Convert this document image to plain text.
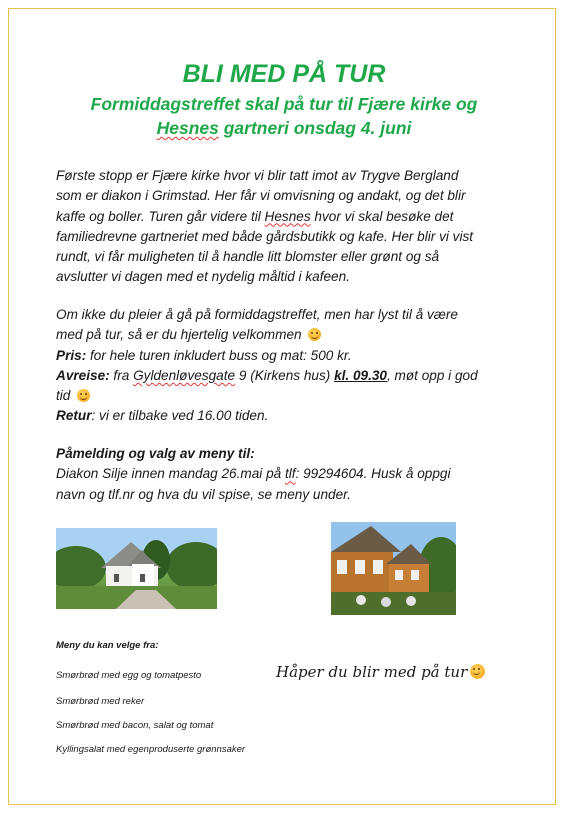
BLI MED PÅ TUR
Formiddagstreffet skal på tur til Fjære kirke og
Hesnes gartneri onsdag 4. juni
Første stopp er Fjære kirke hvor vi blir tatt imot av Trygve Bergland
som er diakon i Grimstad. Her får vi omvisning og andakt, og det blir
kaffe og boller. Turen går videre til Hesnes hvor vi skal besøke det
familiedrevne gartneriet med både gårdsbutikk og kafe. Her blir vi vist
rundt, vi får muligheten til å handle litt blomster eller grønt og så
avslutter vi dagen med et nydelig måltid i kafeen.
Om ikke du pleier å gå på formiddagstreffet, men har lyst til å være
med på tur, så er du hjertelig velkommen
Pris: for hele turen inkludert buss og mat: 500 kr.
Avreise: fra Gyldenløvesgate 9 (Kirkens hus) kl. 09.30, møt opp i god
tid
Retur: vi er tilbake ved 16.00 tiden.
Påmelding og valg av meny til:
Diakon Silje innen mandag 26.mai på tlf: 99294604. Husk å oppgi
navn og tlf.nr og hva du vil spise, se meny under.
Meny du kan velge fra:
Smørbrød med egg og tomatpesto
Smørbrød med reker
Smørbrød med bacon, salat og tomat
Kyllingsalat med egenproduserte grønnsaker
Håper du blir med på tur
